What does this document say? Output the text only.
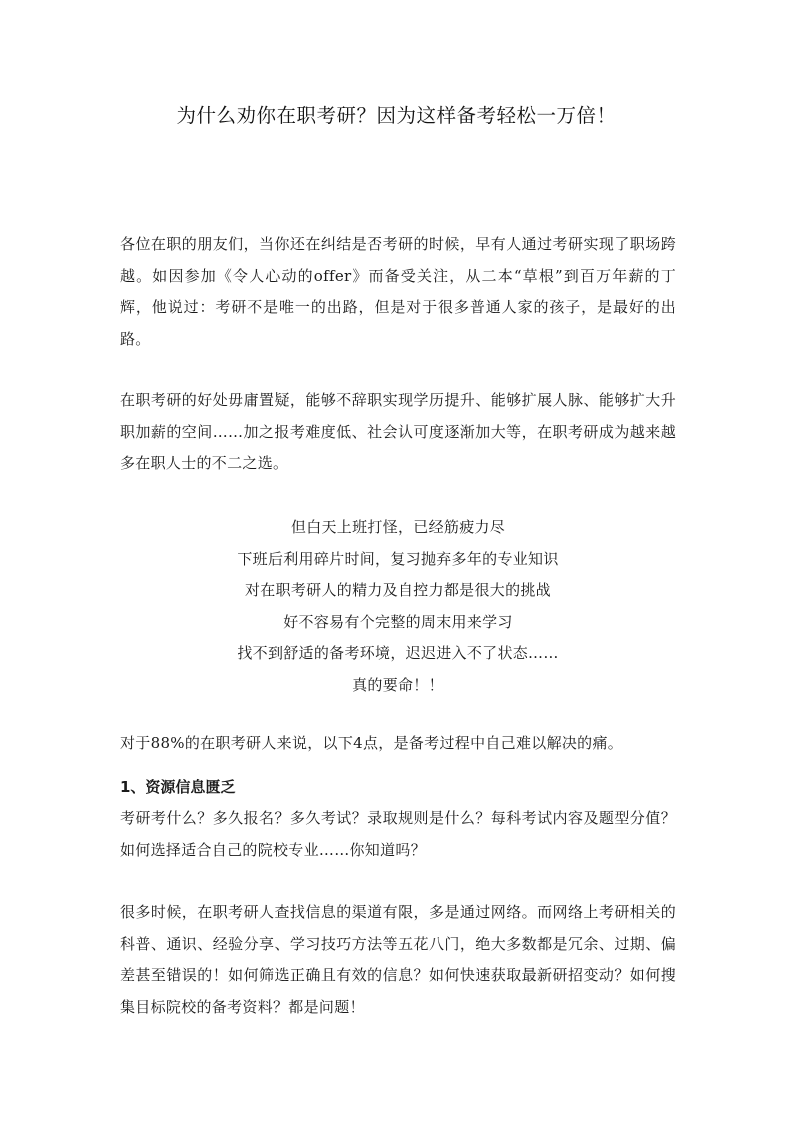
为什么劝你在职考研？因为这样备考轻松一万倍！

各位在职的朋友们，当你还在纠结是否考研的时候，早有人通过考研实现了职场跨越。如因参加《令人心动的offer》而备受关注，从二本“草根”到百万年薪的丁辉，他说过：考研不是唯一的出路，但是对于很多普通人家的孩子，是最好的出路。

在职考研的好处毋庸置疑，能够不辞职实现学历提升、能够扩展人脉、能够扩大升职加薪的空间……加之报考难度低、社会认可度逐渐加大等，在职考研成为越来越多在职人士的不二之选。

但白天上班打怪，已经筋疲力尽
下班后利用碎片时间，复习抛弃多年的专业知识
对在职考研人的精力及自控力都是很大的挑战
好不容易有个完整的周末用来学习
找不到舒适的备考环境，迟迟进入不了状态……
真的要命！！

对于88%的在职考研人来说，以下4点，是备考过程中自己难以解决的痛。

1、资源信息匮乏

考研考什么？多久报名？多久考试？录取规则是什么？每科考试内容及题型分值？如何选择适合自己的院校专业……你知道吗？

很多时候，在职考研人查找信息的渠道有限，多是通过网络。而网络上考研相关的科普、通识、经验分享、学习技巧方法等五花八门，绝大多数都是冗余、过期、偏差甚至错误的！如何筛选正确且有效的信息？如何快速获取最新研招变动？如何搜集目标院校的备考资料？都是问题！
